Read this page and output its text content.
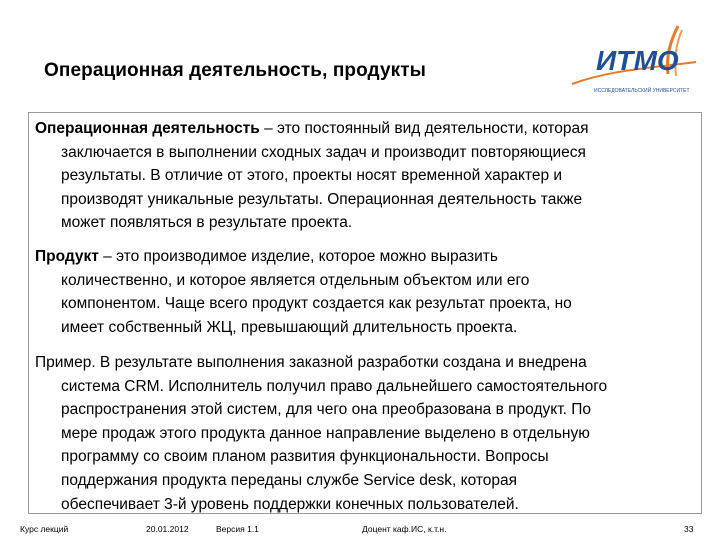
Операционная деятельность, продукты	ИТМО
ИССЛЕДОВАТЕЛЬСКИЙ УНИВЕРСИТЕТ
Операционная деятельность – это постоянный вид деятельности, которая
заключается в выполнении сходных задач и производит повторяющиеся
результаты. В отличие от этого, проекты носят временной характер и
производят уникальные результаты. Операционная деятельность также
может появляться в результате проекта.
Продукт – это производимое изделие, которое можно выразить
количественно, и которое является отдельным объектом или его
компонентом. Чаще всего продукт создается как результат проекта, но
имеет собственный ЖЦ, превышающий длительность проекта.
Пример. В результате выполнения заказной разработки создана и внедрена
система CRM. Исполнитель получил право дальнейшего самостоятельного
распространения этой систем, для чего она преобразована в продукт. По
мере продаж этого продукта данное направление выделено в отдельную
программу со своим планом развития функциональности. Вопросы
поддержания продукта переданы службе Service desk, которая
обеспечивает 3-й уровень поддержки конечных пользователей.
Курс лекций	20.01.2012	Версия 1.1	Доцент каф.ИС, к.т.н.	33
